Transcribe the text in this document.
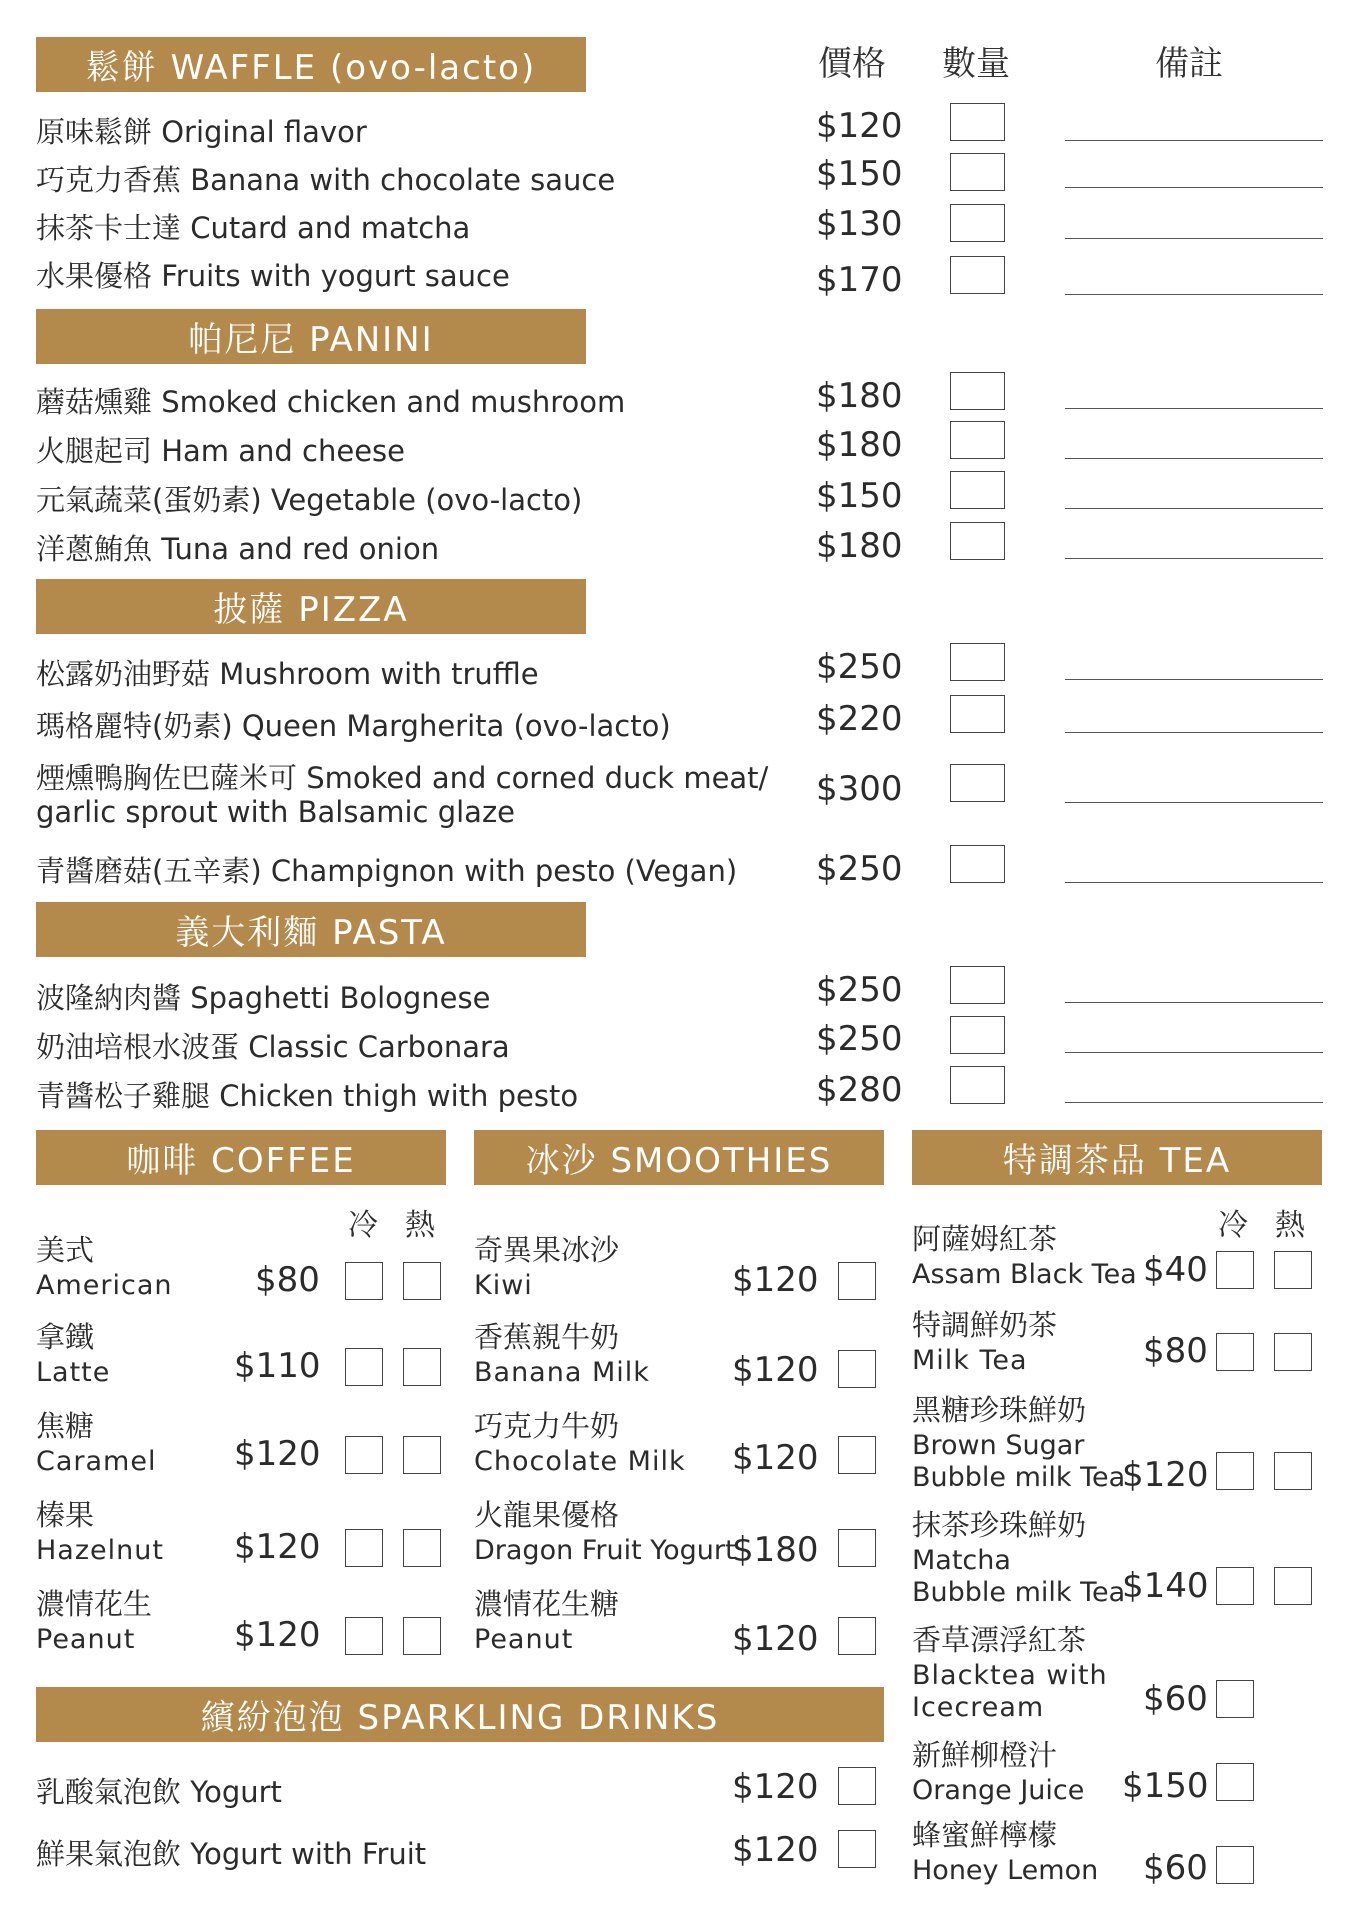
價格 數量	備註
鬆餅 WAFFLE (ovo-lacto)
原味鬆餅 Original flavor	$120
巧克力香蕉 Banana with chocolate sauce	$150
抹茶卡士達 Cutard and matcha	$130
水果優格 Fruits with yogurt sauce	$170
帕尼尼 PANINI
蘑菇燻雞 Smoked chicken and mushroom	$180
火腿起司 Ham and cheese	$180
元氣蔬菜(蛋奶素) Vegetable (ovo-lacto)	$150
洋蔥鮪魚 Tuna and red onion	$180
披薩 PIZZA
松露奶油野菇 Mushroom with truffle	$250
瑪格麗特(奶素) Queen Margherita (ovo-lacto)	$220
煙燻鴨胸佐巴薩米可 Smoked and corned duck meat/ garlic sprout with Balsamic glaze
$300
青醬磨菇(五辛素) Champignon with pesto (Vegan) $250
義大利麵 PASTA
波隆納肉醬 Spaghetti Bolognese	$250
奶油培根水波蛋 Classic Carbonara	$250
青醬松子雞腿 Chicken thigh with pesto	$280
咖啡 COFFEE	冰沙 SMOOTHIES	特調茶品 TEA
冷 熱
美式
American $80
拿鐵
Latte	$110
焦糖
Caramel $120
榛果
Hazelnut $120
濃情花生
Peanut	$120
奇異果冰沙
Kiwi	$120
香蕉親牛奶
Banana Milk $120
巧克力牛奶
Chocolate Milk $120
火龍果優格
Dragon Fruit Yogurt
$180
濃情花生糖
Peanut	$120
冷 熱
阿薩姆紅茶
Assam Black Tea $40
特調鮮奶茶
Milk Tea	$80
黑糖珍珠鮮奶
Brown Sugar
Bubble milk Tea
$120
抹茶珍珠鮮奶
Matcha
Bubble milk Tea
$140
香草漂浮紅茶
Blacktea with
Icecream	$60
新鮮柳橙汁
Orange Juice $150
蜂蜜鮮檸檬
Honey Lemon $60
繽紛泡泡 SPARKLING DRINKS
乳酸氣泡飲 Yogurt	$120
鮮果氣泡飲 Yogurt with Fruit	$120
